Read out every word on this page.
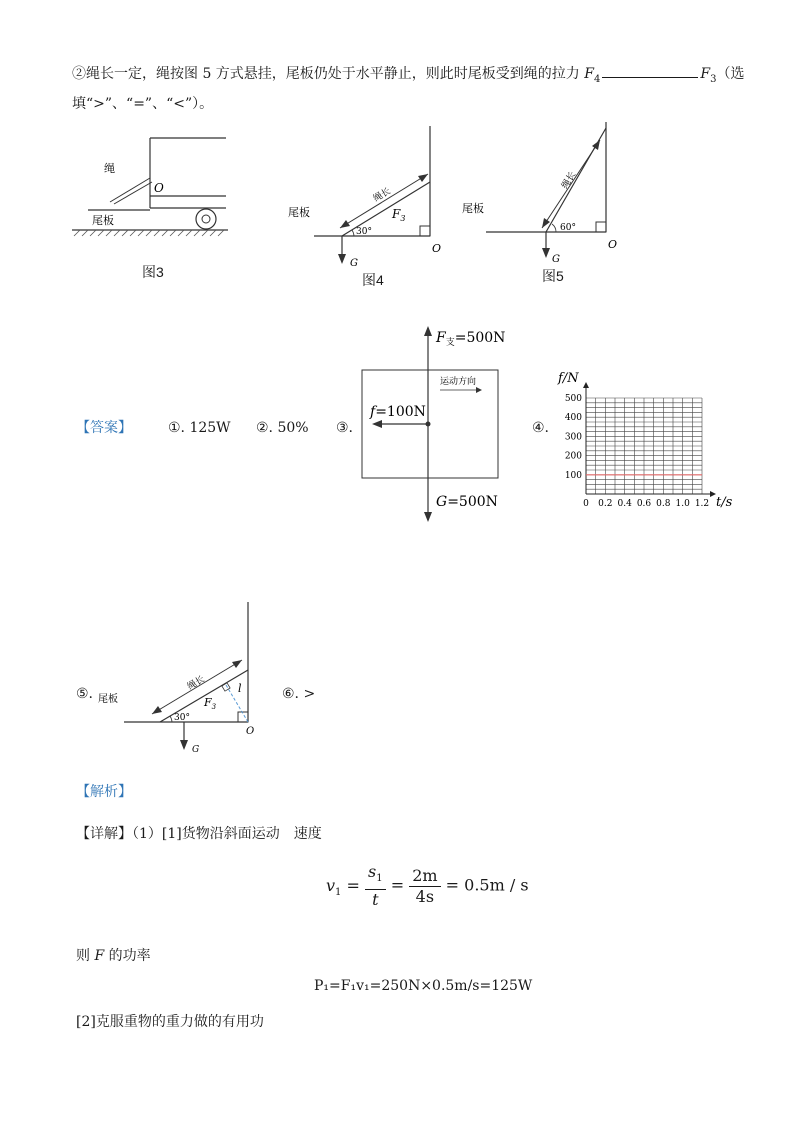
②绳长一定，绳按图 5 方式悬挂，尾板仍处于水平静止，则此时尾板受到绳的拉力 $F_4$	$F_3$（选
填“>”、“=”、“<”）。
绳
O
尾板
图3
尾板
绳长
$F_3$
30°
O
G
图4
尾板
绳长
60°
O
G
图5
【答案】	①. 125W ②. 50% ③.	④.
$F_支=500N$
f=100N
G=500N
运动方向
0 0.2 0.4 0.6 0.8 1.0 1.2
100
200
300
400
500
f/N
t/s
⑤. 尾板
绳长
$F_3$
l
30°
O
G
⑥. >
【解析】
【详解】（1）[1]货物沿斜面运动　速度
$v_1 = \frac{s_1}{t} = \frac{2m}{4s} = 0.5m / s$
则 F 的功率
P₁=F₁v₁=250N×0.5m/s=125W
[2]克服重物的重力做的有用功
